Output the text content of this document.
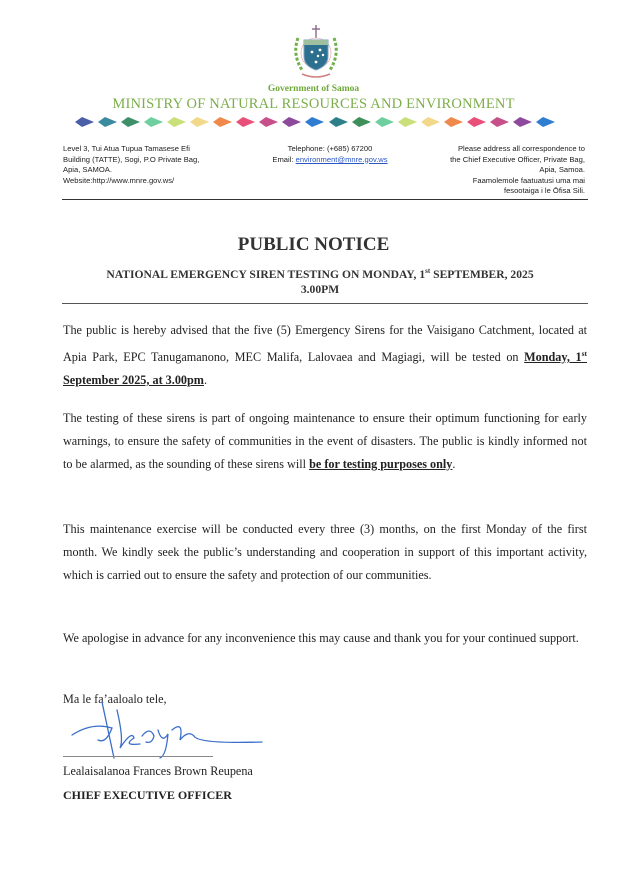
Government of Samoa
MINISTRY OF NATURAL RESOURCES AND ENVIRONMENT
Level 3, Tui Atua Tupua Tamasese Efi
Building (TATTE), Sogi, P.O Private Bag,
Apia, SAMOA.
Website:http://www.mnre.gov.ws/
Telephone: (+685) 67200
Email: environment@mnre.gov.ws
Please address all correspondence to
the Chief Executive Officer, Private Bag,
Apia, Samoa.
Faamolemole faatuatusi uma mai
fesootaiga i le Ōfisa Sili.
PUBLIC NOTICE
NATIONAL EMERGENCY SIREN TESTING ON MONDAY, 1st SEPTEMBER, 2025
3.00PM
The public is hereby advised that the five (5) Emergency Sirens for the Vaisigano Catchment, located at Apia Park, EPC Tanugamanono, MEC Malifa, Lalovaea and Magiagi, will be tested on Monday, 1st September 2025, at 3.00pm.
The testing of these sirens is part of ongoing maintenance to ensure their optimum functioning for early warnings, to ensure the safety of communities in the event of disasters. The public is kindly informed not to be alarmed, as the sounding of these sirens will be for testing purposes only.
This maintenance exercise will be conducted every three (3) months, on the first Monday of the first month. We kindly seek the public’s understanding and cooperation in support of this important activity, which is carried out to ensure the safety and protection of our communities.
We apologise in advance for any inconvenience this may cause and thank you for your continued support.
Ma le fa’aaloalo tele,
Lealaisalanoa Frances Brown Reupena
CHIEF EXECUTIVE OFFICER
